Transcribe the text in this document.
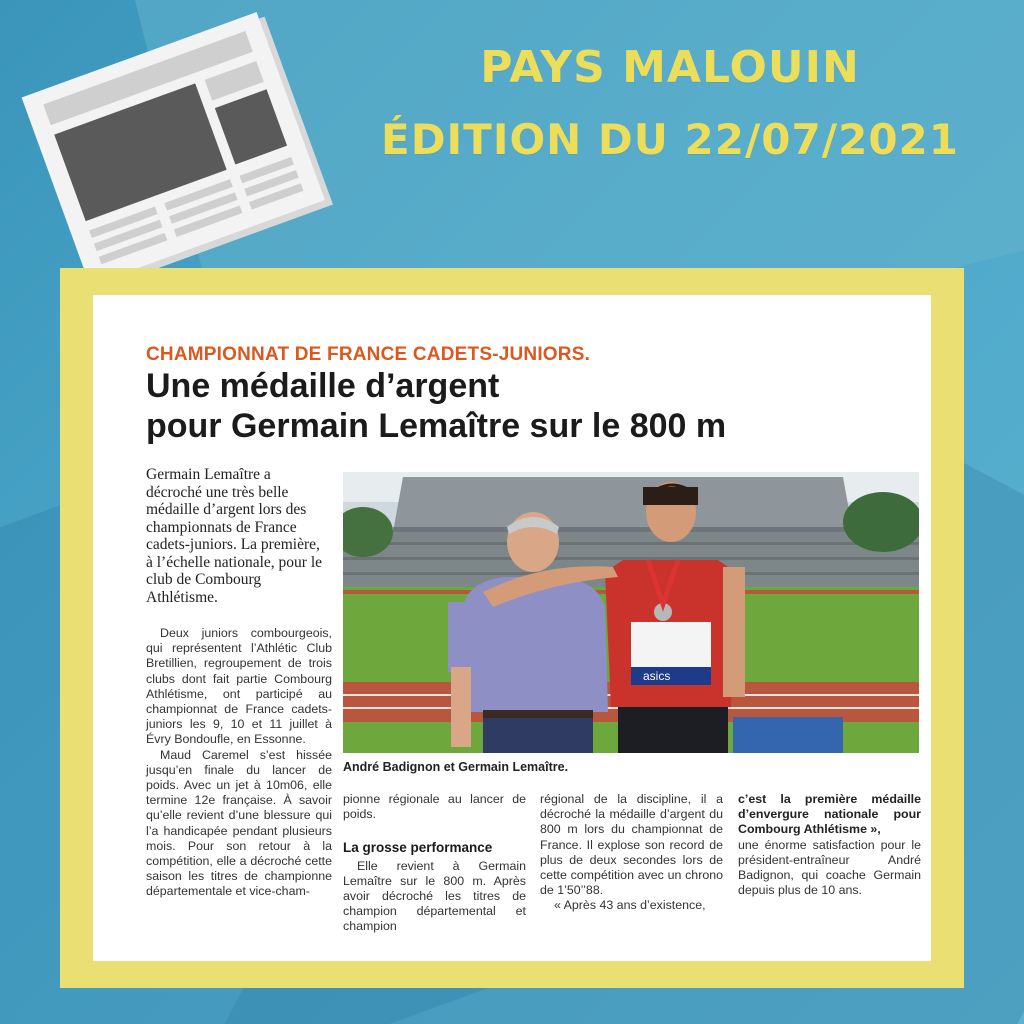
PAYS MALOUIN
ÉDITION DU 22/07/2021
CHAMPIONNAT DE FRANCE CADETS-JUNIORS.
Une médaille d’argent
pour Germain Lemaître sur le 800 m
Germain Lemaître a décroché une très belle médaille d’argent lors des championnats de France cadets-juniors. La première, à l’échelle nationale, pour le club de Combourg Athlétisme.
asics
André Badignon et Germain Lemaître.

Deux juniors combourgeois, qui représentent l’Athlétic Club Bretillien, regroupement de trois clubs dont fait partie Combourg Athlétisme, ont participé au championnat de France cadets-juniors les 9, 10 et 11 juillet à Évry Bondoufle, en Essonne.

Maud Caremel s’est hissée jusqu’en finale du lancer de poids. Avec un jet à 10m06, elle termine 12e française. À savoir qu’elle revient d’une blessure qui l’a handicapée pendant plusieurs mois. Pour son retour à la compétition, elle a décroché cette saison les titres de championne départementale et vice-cham-

pionne régionale au lancer de poids.

La grosse performance

Elle revient à Germain Lemaître sur le 800 m. Après avoir décroché les titres de champion départemental et champion

régional de la discipline, il a décroché la médaille d’argent du 800 m lors du championnat de France. Il explose son record de plus de deux secondes lors de cette compétition avec un chrono de 1’50’’88.

« Après 43 ans d’existence,

c’est la première médaille d’envergure nationale pour Combourg Athlétisme »,

une énorme satisfaction pour le président-entraîneur André Badignon, qui coache Germain depuis plus de 10 ans.
